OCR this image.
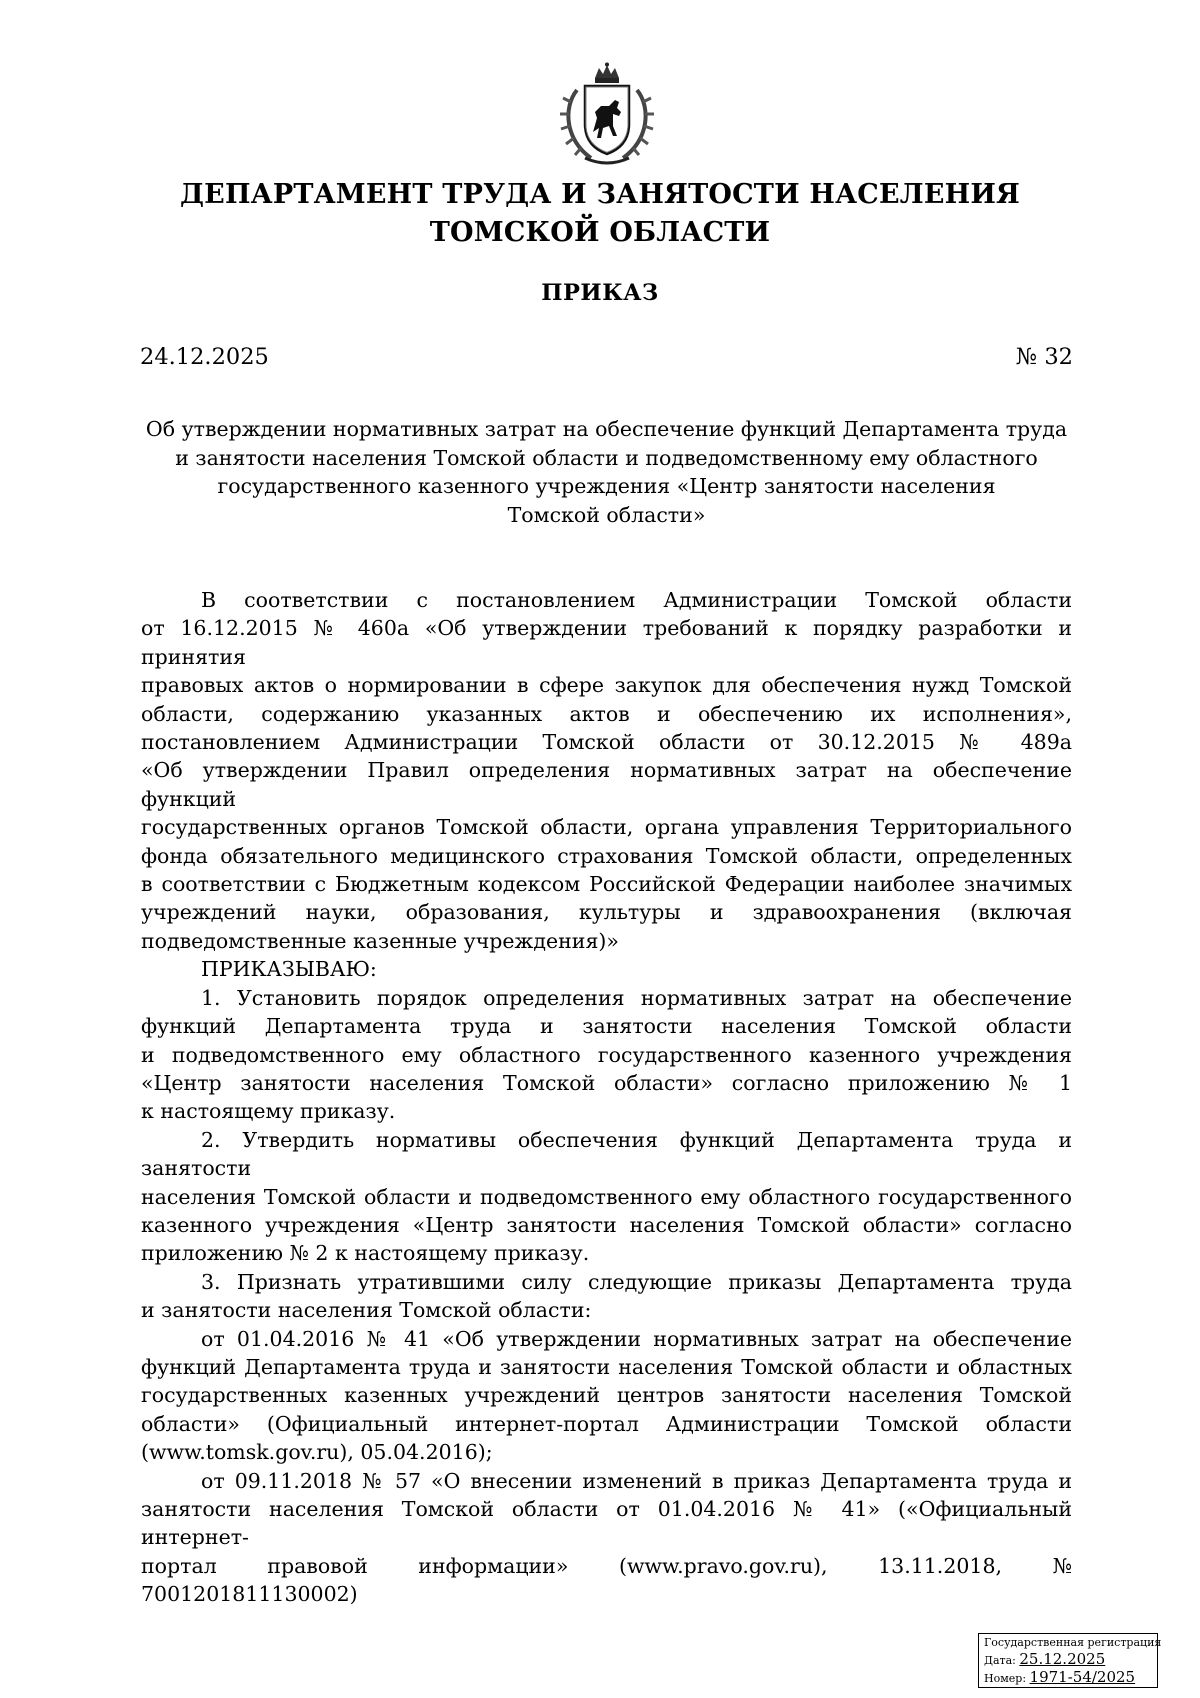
ДЕПАРТАМЕНТ ТРУДА И ЗАНЯТОСТИ НАСЕЛЕНИЯ
ТОМСКОЙ ОБЛАСТИ
ПРИКАЗ
24.12.2025	№ 32
Об утверждении нормативных затрат на обеспечение функций Департамента труда
и занятости населения Томской области и подведомственному ему областного
государственного казенного учреждения «Центр занятости населения
Томской области»

В соответствии с постановлением Администрации Томской области

от 16.12.2015 № 460а «Об утверждении требований к порядку разработки и принятия

правовых актов о нормировании в сфере закупок для обеспечения нужд Томской

области, содержанию указанных актов и обеспечению их исполнения»,

постановлением Администрации Томской области от 30.12.2015 № 489а

«Об утверждении Правил определения нормативных затрат на обеспечение функций

государственных органов Томской области, органа управления Территориального

фонда обязательного медицинского страхования Томской области, определенных

в соответствии с Бюджетным кодексом Российской Федерации наиболее значимых

учреждений науки, образования, культуры и здравоохранения (включая

подведомственные казенные учреждения)»

ПРИКАЗЫВАЮ:

1. Установить порядок определения нормативных затрат на обеспечение

функций Департамента труда и занятости населения Томской области

и подведомственного ему областного государственного казенного учреждения

«Центр занятости населения Томской области» согласно приложению № 1

к настоящему приказу.

2. Утвердить нормативы обеспечения функций Департамента труда и занятости

населения Томской области и подведомственного ему областного государственного

казенного учреждения «Центр занятости населения Томской области» согласно

приложению № 2 к настоящему приказу.

3. Признать утратившими силу следующие приказы Департамента труда

и занятости населения Томской области:

от 01.04.2016 № 41 «Об утверждении нормативных затрат на обеспечение

функций Департамента труда и занятости населения Томской области и областных

государственных казенных учреждений центров занятости населения Томской

области» (Официальный интернет-портал Администрации Томской области

(www.tomsk.gov.ru), 05.04.2016);

от 09.11.2018 № 57 «О внесении изменений в приказ Департамента труда и

занятости населения Томской области от 01.04.2016 № 41» («Официальный интернет-

портал правовой информации» (www.pravo.gov.ru), 13.11.2018, № 7001201811130002)

Государственная регистрация
Дата: 25.12.2025
Номер: 1971-54/2025
